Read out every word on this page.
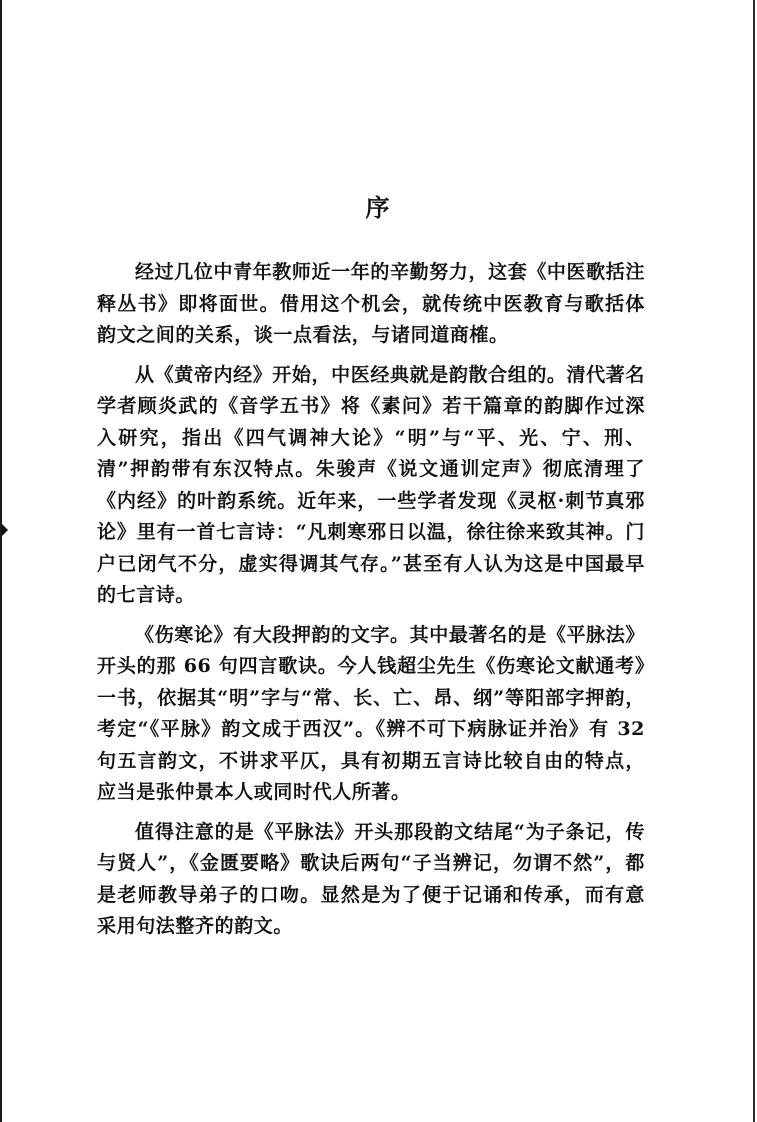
序

经过几位中青年教师近一年的辛勤努力，这套《中医歌括注释丛书》即将面世。借用这个机会，就传统中医教育与歌括体韵文之间的关系，谈一点看法，与诸同道商榷。

从《黄帝内经》开始，中医经典就是韵散合组的。清代著名学者顾炎武的《音学五书》将《素问》若干篇章的韵脚作过深入研究，指出《四气调神大论》“明”与“平、光、宁、刑、清”押韵带有东汉特点。朱骏声《说文通训定声》彻底清理了《内经》的叶韵系统。近年来，一些学者发现《灵枢·刺节真邪论》里有一首七言诗：“凡刺寒邪日以温，徐往徐来致其神。门户已闭气不分，虚实得调其气存。”甚至有人认为这是中国最早的七言诗。

《伤寒论》有大段押韵的文字。其中最著名的是《平脉法》开头的那 66 句四言歌诀。今人钱超尘先生《伤寒论文献通考》一书，依据其“明”字与“常、长、亡、昂、纲”等阳部字押韵，考定“《平脉》韵文成于西汉”。《辨不可下病脉证并治》有 32 句五言韵文，不讲求平仄，具有初期五言诗比较自由的特点，应当是张仲景本人或同时代人所著。

值得注意的是《平脉法》开头那段韵文结尾“为子条记，传与贤人”，《金匮要略》歌诀后两句“子当辨记，勿谓不然”，都是老师教导弟子的口吻。显然是为了便于记诵和传承，而有意采用句法整齐的韵文。
